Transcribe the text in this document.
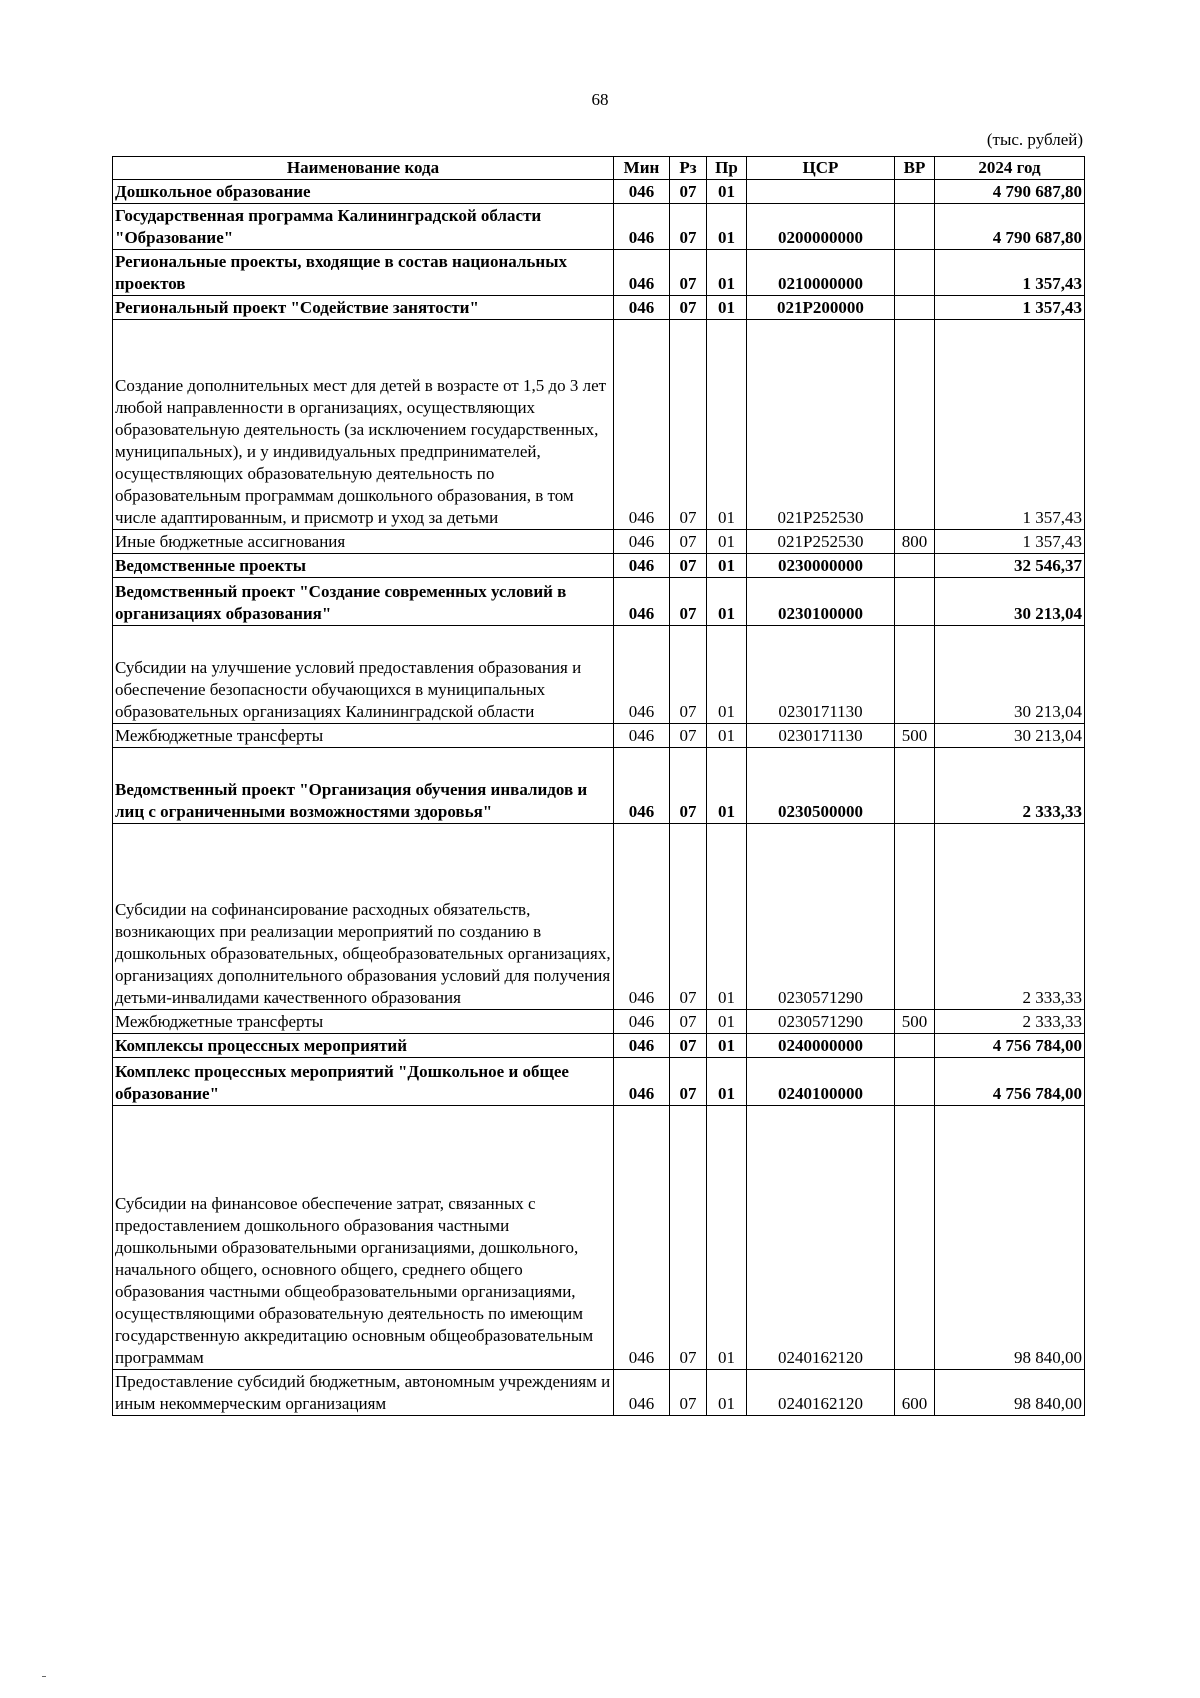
68
(тыс. рублей)
Наименование кода	Мин	Рз	Пр	ЦСР	ВР	2024 год
Дошкольное образование	046	07	01			4 790 687,80
Государственная программа Калининградской области "Образование"	046	07	01	0200000000		4 790 687,80
Региональные проекты, входящие в состав национальных проектов	046	07	01	0210000000		1 357,43
Региональный проект "Содействие занятости"	046	07	01	021Р200000		1 357,43
Создание дополнительных мест для детей в возрасте от 1,5 до 3 лет любой направленности в организациях, осуществляющих образовательную деятельность (за исключением государственных, муниципальных), и у индивидуальных предпринимателей, осуществляющих образовательную деятельность по образовательным программам дошкольного образования, в том числе адаптированным, и присмотр и уход за детьми	046	07	01	021Р252530		1 357,43
Иные бюджетные ассигнования	046	07	01	021Р252530	800	1 357,43
Ведомственные проекты	046	07	01	0230000000		32 546,37
Ведомственный проект "Создание современных условий в организациях образования"	046	07	01	0230100000		30 213,04
Субсидии на улучшение условий предоставления образования и обеспечение безопасности обучающихся в муниципальных образовательных организациях Калининградской области	046	07	01	0230171130		30 213,04
Межбюджетные трансферты	046	07	01	0230171130	500	30 213,04
Ведомственный проект "Организация обучения инвалидов и лиц с ограниченными возможностями здоровья"	046	07	01	0230500000		2 333,33
Субсидии на софинансирование расходных обязательств, возникающих при реализации мероприятий по созданию в дошкольных образовательных, общеобразовательных организациях, организациях дополнительного образования условий для получения детьми-инвалидами качественного образования	046	07	01	0230571290		2 333,33
Межбюджетные трансферты	046	07	01	0230571290	500	2 333,33
Комплексы процессных мероприятий	046	07	01	0240000000		4 756 784,00
Комплекс процессных мероприятий "Дошкольное и общее образование"	046	07	01	0240100000		4 756 784,00
Субсидии на финансовое обеспечение затрат, связанных с предоставлением дошкольного образования частными дошкольными образовательными организациями, дошкольного, начального общего, основного общего, среднего общего образования частными общеобразовательными организациями, осуществляющими образовательную деятельность по имеющим государственную аккредитацию основным общеобразовательным программам	046	07	01	0240162120		98 840,00
Предоставление субсидий бюджетным, автономным учреждениям и иным некоммерческим организациям	046	07	01	0240162120	600	98 840,00
